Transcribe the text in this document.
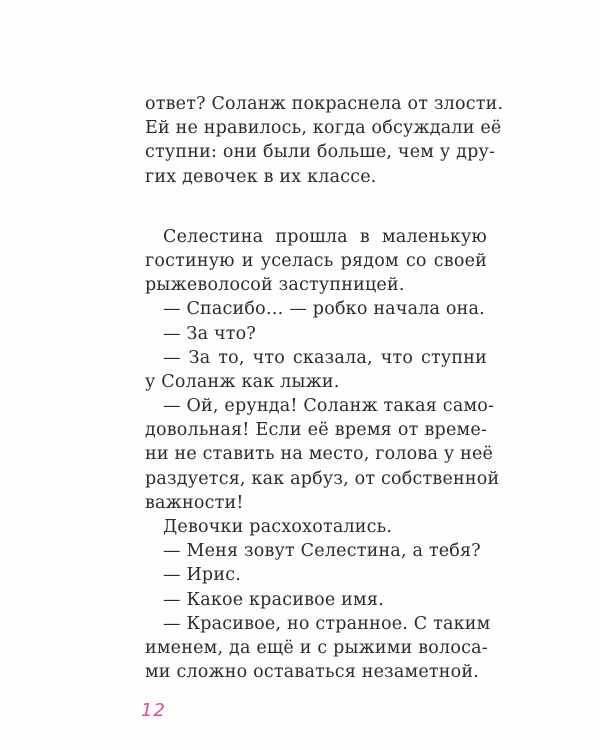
ответ? Соланж покраснела от злости.
Ей не нравилось, когда обсуждали её
ступни: они были больше, чем у дру-
гих девочек в их классе.
Селестина прошла в маленькую
гостиную и уселась рядом со своей
рыжеволосой заступницей.
— Спасибо… — робко начала она.
— За что?
— За то, что сказала, что ступни
у Соланж как лыжи.
— Ой, ерунда! Соланж такая само-
довольная! Если её время от време-
ни не ставить на место, голова у неё
раздуется, как арбуз, от собственной
важности!
Девочки расхохотались.
— Меня зовут Селестина, а тебя?
— Ирис.
— Какое красивое имя.
— Красивое, но странное. С таким
именем, да ещё и с рыжими волоса-
ми сложно оставаться незаметной.
12
